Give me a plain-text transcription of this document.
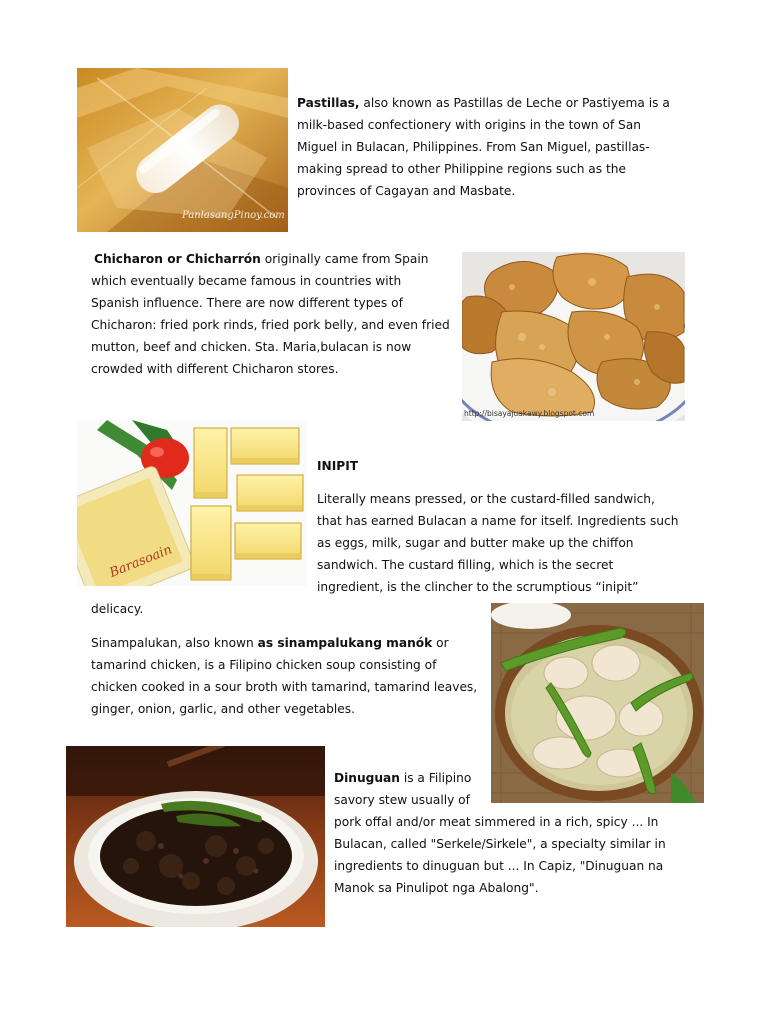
PanlasangPinoy.com
Pastillas, also known as Pastillas de Leche or Pastiyema is a
milk-based confectionery with origins in the town of San
Miguel in Bulacan, Philippines. From San Miguel, pastillas-
making spread to other Philippine regions such as the
provinces of Cagayan and Masbate.
Chicharon or Chicharrón originally came from Spain
which eventually became famous in countries with
Spanish influence. There are now different types of
Chicharon: fried pork rinds, fried pork belly, and even fried
mutton, beef and chicken. Sta. Maria,bulacan is now
crowded with different Chicharon stores.
http://bisayajuakawy.blogspot.com
Barasoain
INIPIT
Literally means pressed, or the custard-filled sandwich,
that has earned Bulacan a name for itself. Ingredients such
as eggs, milk, sugar and butter make up the chiffon
sandwich. The custard filling, which is the secret
ingredient, is the clincher to the scrumptious “inipit”
delicacy.
Sinampalukan, also known as sinampalukang manók or
tamarind chicken, is a Filipino chicken soup consisting of
chicken cooked in a sour broth with tamarind, tamarind leaves,
ginger, onion, garlic, and other vegetables.
Dinuguan is a Filipino
savory stew usually of
pork offal and/or meat simmered in a rich, spicy ... In
Bulacan, called "Serkele/Sirkele", a specialty similar in
ingredients to dinuguan but ... In Capiz, "Dinuguan na
Manok sa Pinulipot nga Abalong".
